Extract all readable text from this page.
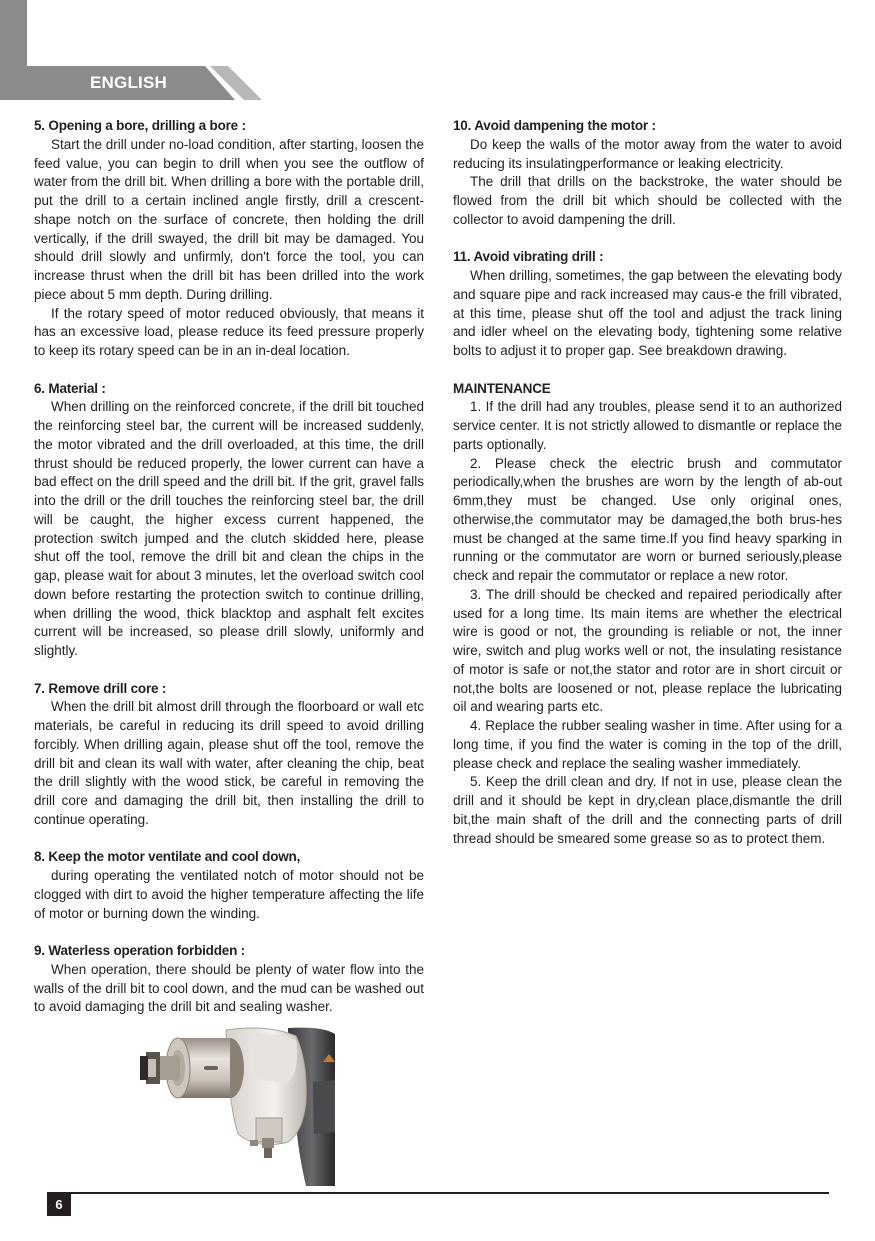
ENGLISH
5. Opening a bore, drilling a bore :

Start the drill under no-load condition, after starting, loosen the feed value, you can begin to drill when you see the outflow of water from the drill bit. When drilling a bore with the portable drill, put the drill to a certain inclined angle firstly, drill a crescent-shape notch on the surface of concrete, then holding the drill vertically, if the drill swayed, the drill bit may be damaged. You should drill slowly and unfirmly, don't force the tool, you can increase thrust when the drill bit has been drilled into the work piece about 5 mm depth. During drilling.

If the rotary speed of motor reduced obviously, that means it has an excessive load, please reduce its feed pressure properly to keep its rotary speed can be in an in-deal location.

6. Material :

When drilling on the reinforced concrete, if the drill bit touched the reinforcing steel bar, the current will be increased suddenly, the motor vibrated and the drill overloaded, at this time, the drill thrust should be reduced properly, the lower current can have a bad effect on the drill speed and the drill bit. If the grit, gravel falls into the drill or the drill touches the reinforcing steel bar, the drill will be caught, the higher excess current happened, the protection switch jumped and the clutch skidded here, please shut off the tool, remove the drill bit and clean the chips in the gap, please wait for about 3 minutes, let the overload switch cool down before restarting the protection switch to continue drilling, when drilling the wood, thick blacktop and asphalt felt excites current will be increased, so please drill slowly, uniformly and slightly.

7. Remove drill core :

When the drill bit almost drill through the floorboard or wall etc materials, be careful in reducing its drill speed to avoid drilling forcibly. When drilling again, please shut off the tool, remove the drill bit and clean its wall with water, after cleaning the chip, beat the drill slightly with the wood stick, be careful in removing the drill core and damaging the drill bit, then installing the drill to continue operating.

8. Keep the motor ventilate and cool down,

during operating the ventilated notch of motor should not be clogged with dirt to avoid the higher temperature affecting the life of motor or burning down the winding.

9. Waterless operation forbidden :

When operation, there should be plenty of water flow into the walls of the drill bit to cool down, and the mud can be washed out to avoid damaging the drill bit and sealing washer.

10. Avoid dampening the motor :

Do keep the walls of the motor away from the water to avoid reducing its insulatingperformance or leaking electricity.

The drill that drills on the backstroke, the water should be flowed from the drill bit which should be collected with the collector to avoid dampening the drill.

11. Avoid vibrating drill :

When drilling, sometimes, the gap between the elevating body and square pipe and rack increased may caus-e the frill vibrated, at this time, please shut off the tool and adjust the track lining and idler wheel on the elevating body, tightening some relative bolts to adjust it to proper gap. See breakdown drawing.

MAINTENANCE

1. If the drill had any troubles, please send it to an authorized service center. It is not strictly allowed to dismantle or replace the parts optionally.

2. Please check the electric brush and commutator periodically,when the brushes are worn by the length of ab-out 6mm,they must be changed. Use only original ones, otherwise,the commutator may be damaged,the both brus-hes must be changed at the same time.If you find heavy sparking in running or the commutator are worn or burned seriously,please check and repair the commutator or replace a new rotor.

3. The drill should be checked and repaired periodically after used for a long time. Its main items are whether the electrical wire is good or not, the grounding is reliable or not, the inner wire, switch and plug works well or not, the insulating resistance of motor is safe or not,the stator and rotor are in short circuit or not,the bolts are loosened or not, please replace the lubricating oil and wearing parts etc.

4. Replace the rubber sealing washer in time. After using for a long time, if you find the water is coming in the top of the drill, please check and replace the sealing washer immediately.

5. Keep the drill clean and dry. If not in use, please clean the drill and it should be kept in dry,clean place,dismantle the drill bit,the main shaft of the drill and the connecting parts of drill thread should be smeared some grease so as to protect them.

6
